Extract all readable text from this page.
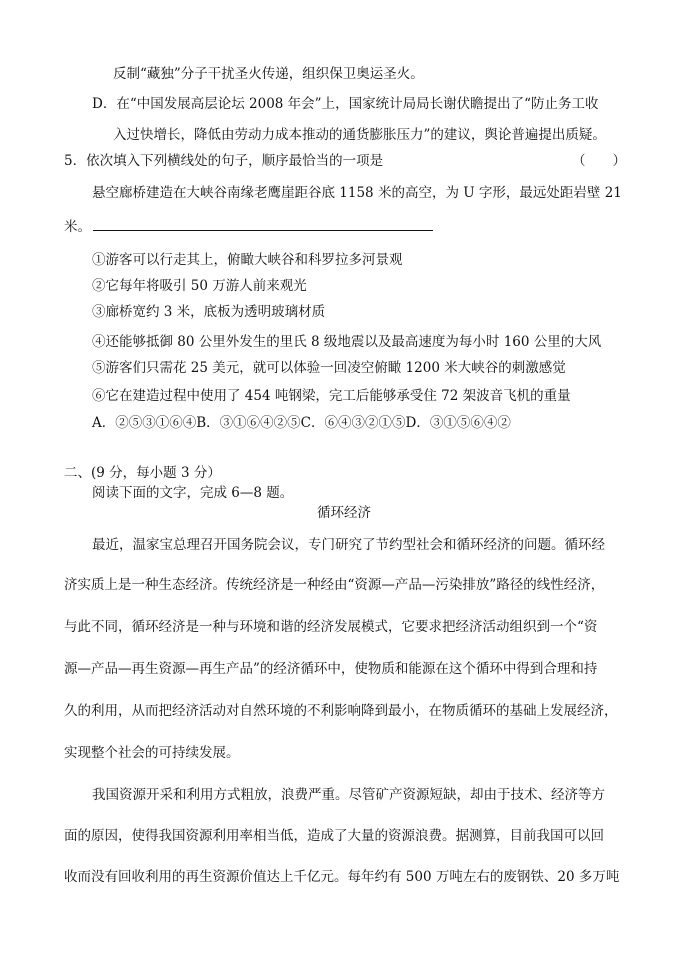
反制“藏独”分子干扰圣火传递，组织保卫奥运圣火。
D．在“中国发展高层论坛 2008 年会”上，国家统计局局长谢伏瞻提出了“防止务工收
入过快增长，降低由劳动力成本推动的通货膨胀压力”的建议，舆论普遍提出质疑。
5．依次填入下列横线处的句子，顺序最恰当的一项是	（　　）
悬空廊桥建造在大峡谷南缘老鹰崖距谷底 1158 米的高空，为 U 字形，最远处距岩壁 21
米。
①游客可以行走其上，俯瞰大峡谷和科罗拉多河景观
②它每年将吸引 50 万游人前来观光
③廊桥宽约 3 米，底板为透明玻璃材质
④还能够抵御 80 公里外发生的里氏 8 级地震以及最高速度为每小时 160 公里的大风
⑤游客们只需花 25 美元，就可以体验一回凌空俯瞰 1200 米大峡谷的刺激感觉
⑥它在建造过程中使用了 454 吨钢梁，完工后能够承受住 72 架波音飞机的重量
A．②⑤③①⑥④B．③①⑥④②⑤C．⑥④③②①⑤D．③①⑤⑥④②
二、(9 分，每小题 3 分）
阅读下面的文字，完成 6—8 题。
循环经济
最近，温家宝总理召开国务院会议，专门研究了节约型社会和循环经济的问题。循环经
济实质上是一种生态经济。传统经济是一种经由“资源—产品—污染排放”路径的线性经济，
与此不同，循环经济是一种与环境和谐的经济发展模式，它要求把经济活动组织到一个“资
源—产品—再生资源—再生产品”的经济循环中，使物质和能源在这个循环中得到合理和持
久的利用，从而把经济活动对自然环境的不利影响降到最小，在物质循环的基础上发展经济，
实现整个社会的可持续发展。
我国资源开采和利用方式粗放，浪费严重。尽管矿产资源短缺，却由于技术、经济等方
面的原因，使得我国资源利用率相当低，造成了大量的资源浪费。据测算，目前我国可以回
收而没有回收利用的再生资源价值达上千亿元。每年约有 500 万吨左右的废钢铁、20 多万吨
